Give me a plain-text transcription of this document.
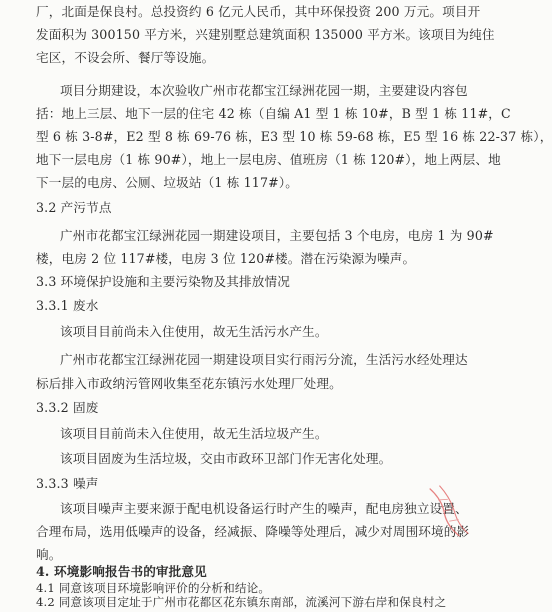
厂，北面是保良村。总投资约 6 亿元人民币，其中环保投资 200 万元。项目开
发面积为 300150 平方米，兴建别墅总建筑面积 135000 平方米。该项目为纯住
宅区，不设会所、餐厅等设施。
项目分期建设，本次验收广州市花都宝江绿洲花园一期，主要建设内容包
括：地上三层、地下一层的住宅 42 栋（自编 A1 型 1 栋 10#，B 型 1 栋 11#，C
型 6 栋 3-8#，E2 型 8 栋 69-76 栋，E3 型 10 栋 59-68 栋，E5 型 16 栋 22-37 栋），
地下一层电房（1 栋 90#），地上一层电房、值班房（1 栋 120#），地上两层、地
下一层的电房、公厕、垃圾站（1 栋 117#）。
3.2 产污节点
广州市花都宝江绿洲花园一期建设项目，主要包括 3 个电房，电房 1 为 90#
楼，电房 2 位 117#楼，电房 3 位 120#楼。潜在污染源为噪声。
3.3 环境保护设施和主要污染物及其排放情况
3.3.1 废水
该项目目前尚未入住使用，故无生活污水产生。
广州市花都宝江绿洲花园一期建设项目实行雨污分流，生活污水经处理达
标后排入市政纳污管网收集至花东镇污水处理厂处理。
3.3.2 固废
该项目目前尚未入住使用，故无生活垃圾产生。
该项目固废为生活垃圾，交由市政环卫部门作无害化处理。
3.3.3 噪声
该项目噪声主要来源于配电机设备运行时产生的噪声，配电房独立设置、
合理布局，选用低噪声的设备，经减振、降噪等处理后，减少对周围环境的影
响。
4. 环境影响报告书的审批意见
4.1 同意该项目环境影响评价的分析和结论。
4.2 同意该项目定址于广州市花都区花东镇东南部，流溪河下游右岸和保良村之
